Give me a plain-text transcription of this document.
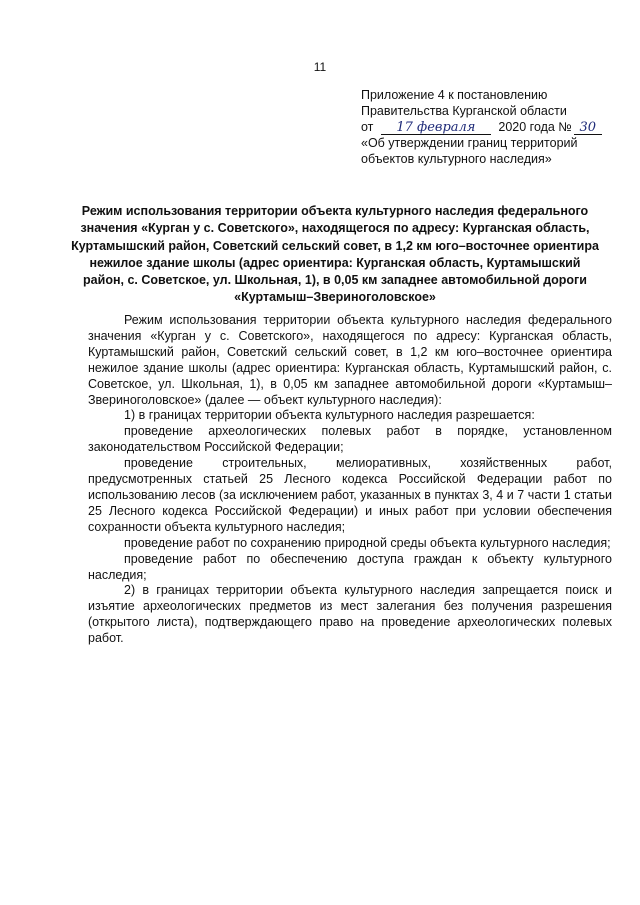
11
Приложение 4 к постановлению
Правительства Курганской области
от 17 февраля 2020 года № 30
«Об утверждении границ территорий
объектов культурного наследия»
Режим использования территории объекта культурного наследия федерального значения «Курган у с. Советского», находящегося по адресу: Курганская область, Куртамышский район, Советский сельский совет, в 1,2 км юго–восточнее ориентира нежилое здание школы (адрес ориентира: Курганская область, Куртамышский район, с. Советское, ул. Школьная, 1), в 0,05 км западнее автомобильной дороги «Куртамыш–Звериноголовское»

Режим использования территории объекта культурного наследия федерального значения «Курган у с. Советского», находящегося по адресу: Курганская область, Куртамышский район, Советский сельский совет, в 1,2 км юго–восточнее ориентира нежилое здание школы (адрес ориентира: Курганская область, Куртамышский район, с. Советское, ул. Школьная, 1), в 0,05 км западнее автомобильной дороги «Куртамыш–Звериноголовское» (далее — объект культурного наследия):

1) в границах территории объекта культурного наследия разрешается:

проведение археологических полевых работ в порядке, установленном законодательством Российской Федерации;

проведение строительных, мелиоративных, хозяйственных работ, предусмотренных статьей 25 Лесного кодекса Российской Федерации работ по использованию лесов (за исключением работ, указанных в пунктах 3, 4 и 7 части 1 статьи 25 Лесного кодекса Российской Федерации) и иных работ при условии обеспечения сохранности объекта культурного наследия;

проведение работ по сохранению природной среды объекта культурного наследия;

проведение работ по обеспечению доступа граждан к объекту культурного наследия;

2) в границах территории объекта культурного наследия запрещается поиск и изъятие археологических предметов из мест залегания без получения разрешения (открытого листа), подтверждающего право на проведение археологических полевых работ.
